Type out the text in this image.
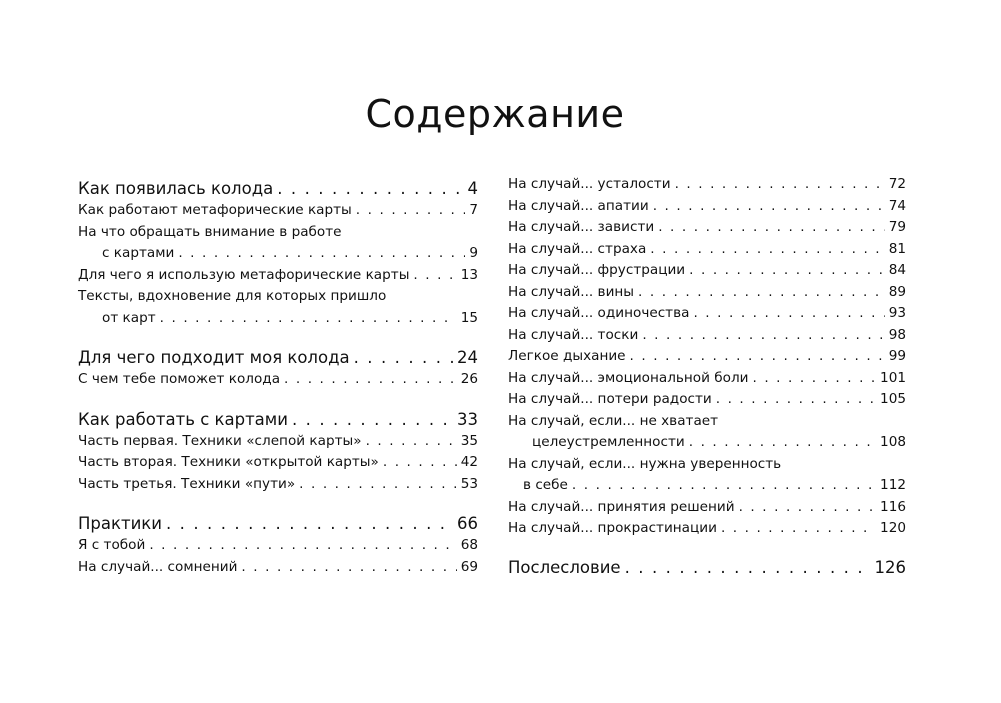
Содержание
Как появилась колода . . .	4
Как работают метафорические карты . . .	7
На что обращать внимание в работе
с картами . . .	9
Для чего я использую метафорические карты . . .	13
Тексты, вдохновение для которых пришло
от карт . . .	15
Для чего подходит моя колода . . .	24
С чем тебе поможет колода . . .	26
Как работать с картами . . .	33
Часть первая. Техники «слепой карты» . . .	35
Часть вторая. Техники «открытой карты» . . .	42
Часть третья. Техники «пути» . . .	53
Практики . . .	66
Я с тобой . . .	68
На случай... сомнений . . .	69
На случай... усталости . . .	72
На случай... апатии . . .	74
На случай... зависти . . .	79
На случай... страха . . .	81
На случай... фрустрации . . .	84
На случай... вины . . .	89
На случай... одиночества . . .	93
На случай... тоски . . .	98
Легкое дыхание . . .	99
На случай... эмоциональной боли . . .	101
На случай... потери радости . . .	105
На случай, если... не хватает
целеустремленности . . .	108
На случай, если... нужна уверенность
в себе . . .	112
На случай... принятия решений . . .	116
На случай... прокрастинации . . .	120
Послесловие . . .	126
